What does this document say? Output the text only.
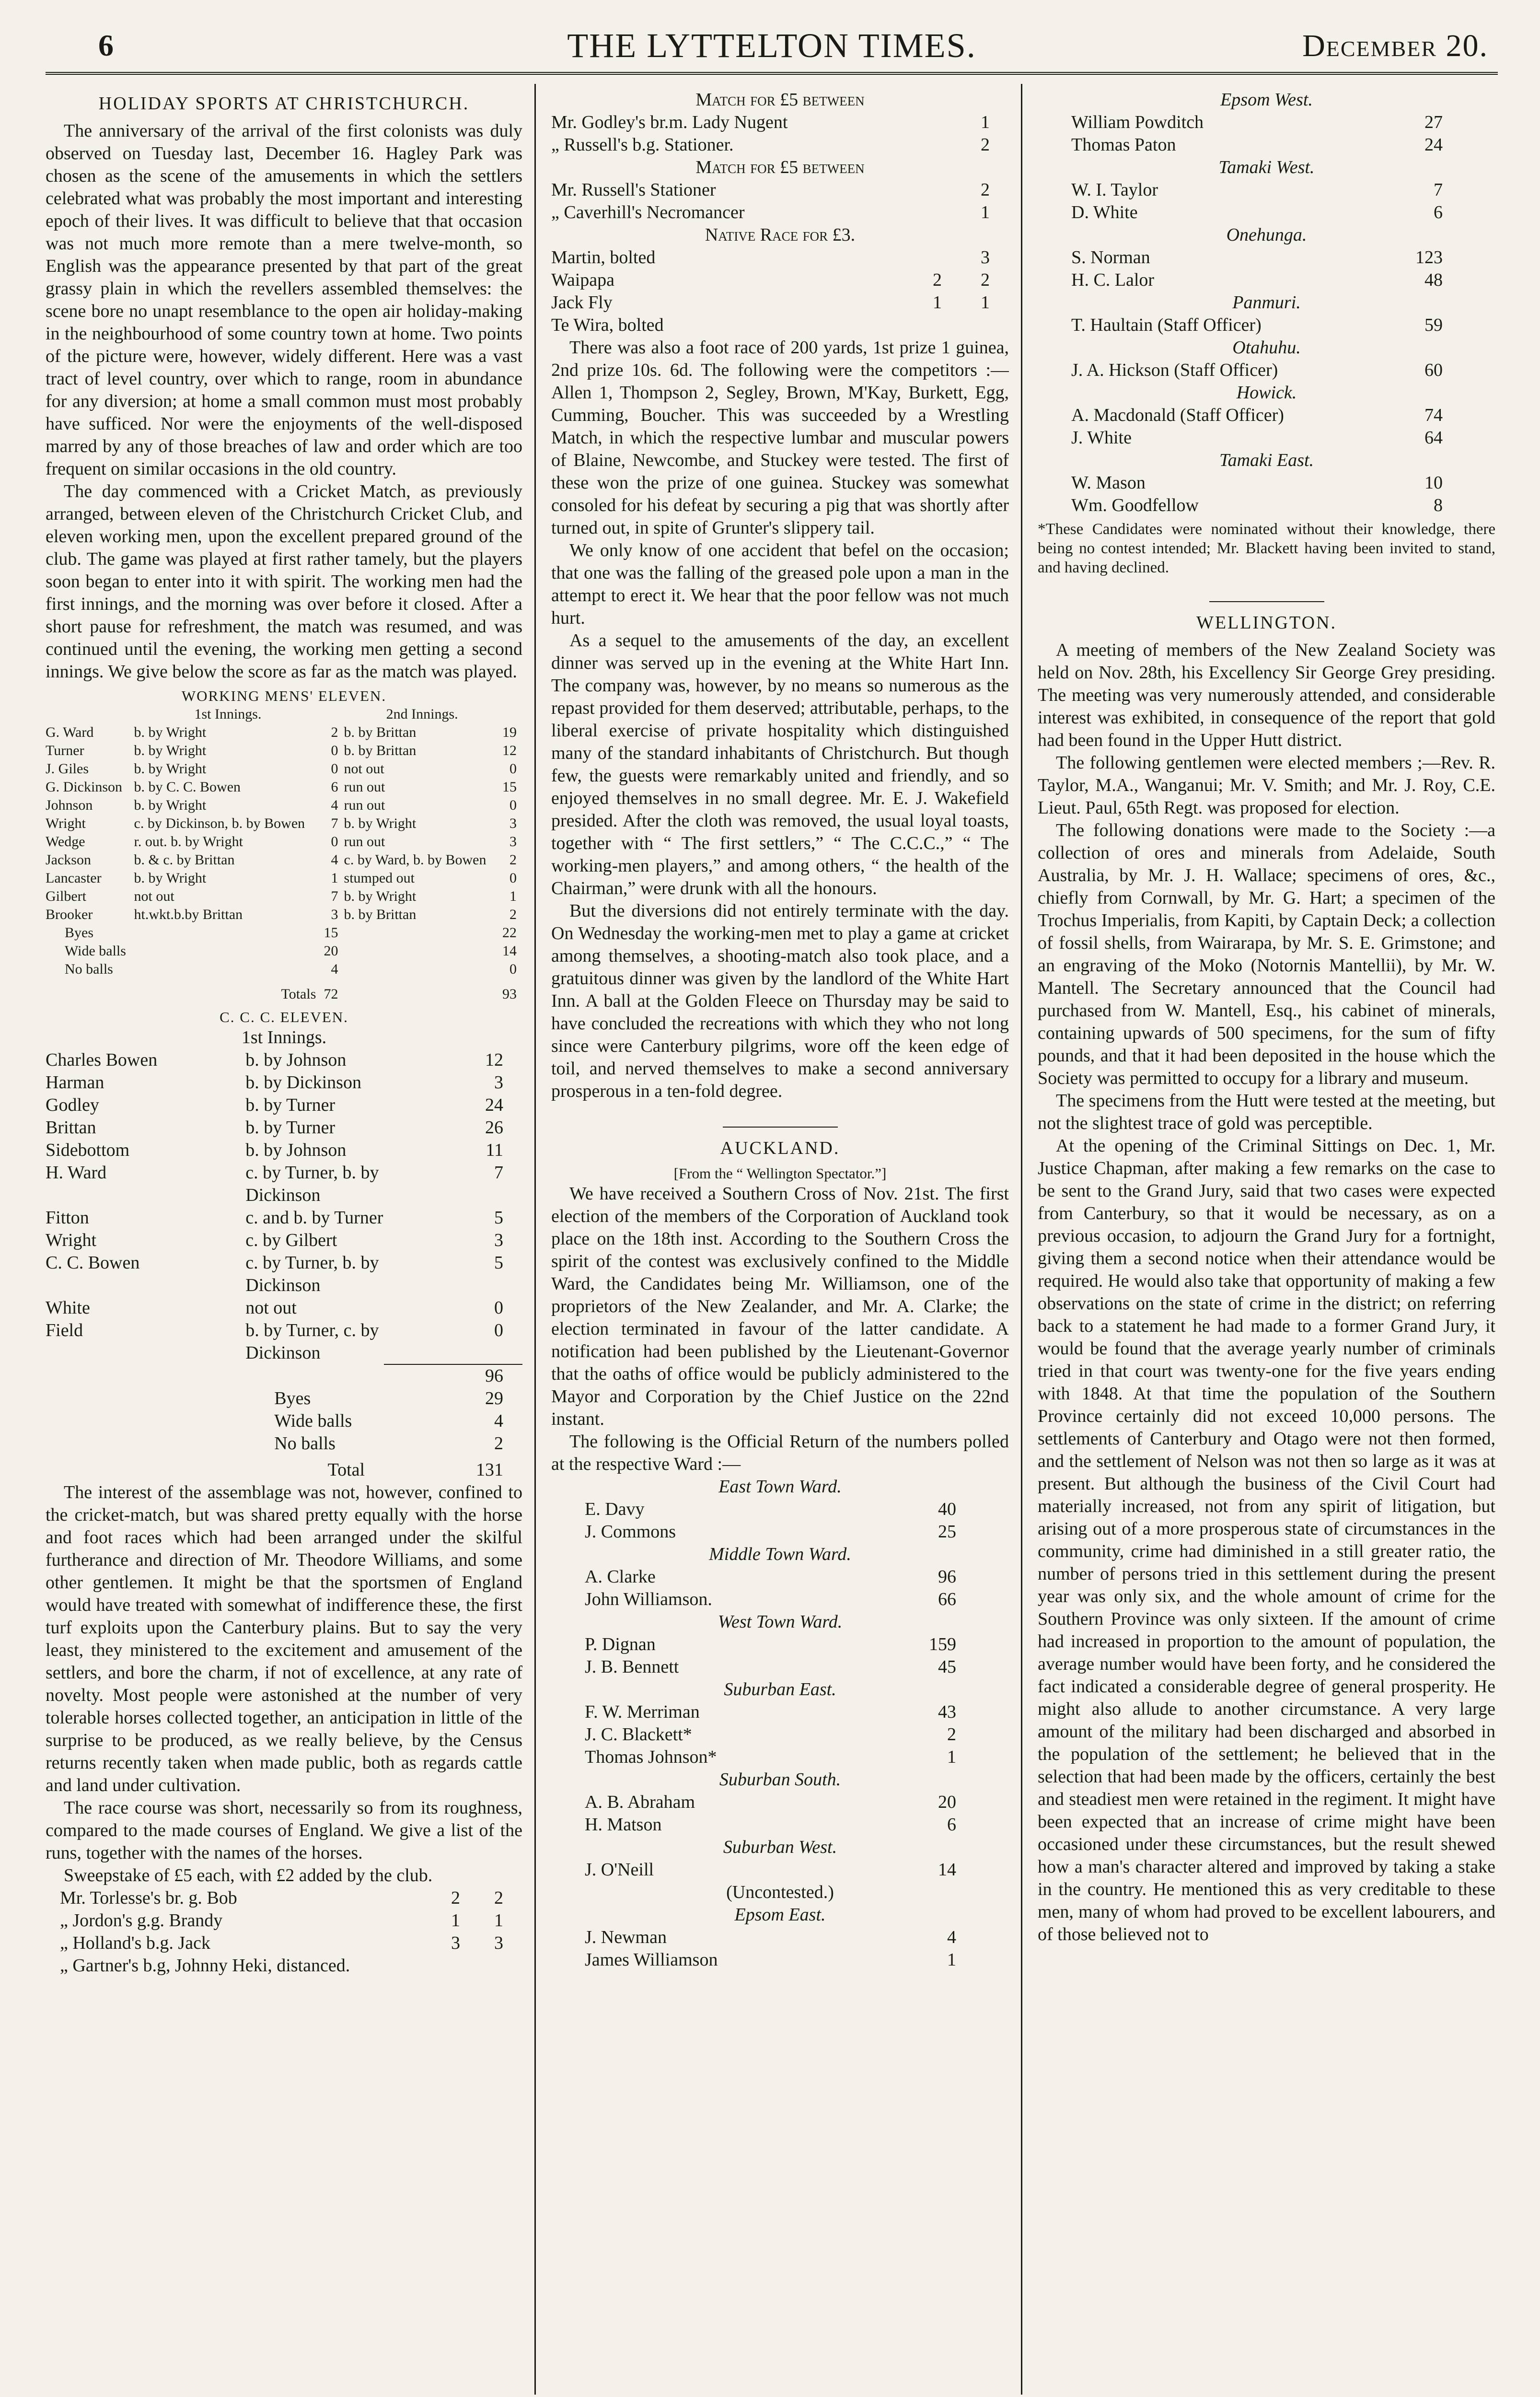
6	THE LYTTELTON TIMES.	December 20.
HOLIDAY SPORTS AT CHRISTCHURCH.

The anniversary of the arrival of the first colonists was duly observed on Tuesday last, December 16. Hagley Park was chosen as the scene of the amusements in which the settlers celebrated what was probably the most important and interesting epoch of their lives. It was difficult to believe that that occasion was not much more remote than a mere twelve-month, so English was the appearance presented by that part of the great grassy plain in which the revellers assembled themselves: the scene bore no unapt resemblance to the open air holiday-making in the neighbourhood of some country town at home. Two points of the picture were, however, widely different. Here was a vast tract of level country, over which to range, room in abundance for any diversion; at home a small common must most probably have sufficed. Nor were the enjoyments of the well-disposed marred by any of those breaches of law and order which are too frequent on similar occasions in the old country.

The day commenced with a Cricket Match, as previously arranged, between eleven of the Christchurch Cricket Club, and eleven working men, upon the excellent prepared ground of the club. The game was played at first rather tamely, but the players soon began to enter into it with spirit. The working men had the first innings, and the morning was over before it closed. After a short pause for refreshment, the match was resumed, and was continued until the evening, the working men getting a second innings. We give below the score as far as the match was played.

WORKING MENS' ELEVEN.
	1st Innings.		2nd Innings.	
G. Ward	b. by Wright	2	b. by Brittan	19
Turner	b. by Wright	0	b. by Brittan	12
J. Giles	b. by Wright	0	not out	0
G. Dickinson	b. by C. C. Bowen	6	run out	15
Johnson	b. by Wright	4	run out	0
Wright	c. by Dickinson, b. by Bowen	7	b. by Wright	3
Wedge	r. out. b. by Wright	0	run out	3
Jackson	b. & c. by Brittan	4	c. by Ward, b. by Bowen	2
Lancaster	b. by Wright	1	stumped out	0
Gilbert	not out	7	b. by Wright	1
Brooker	ht.wkt.b.by Brittan	3	b. by Brittan	2
Byes		15		22
Wide balls		20		14
No balls		4		0
	Totals	72		93
C. C. C. ELEVEN.
1st Innings.
Charles Bowen	b. by Johnson	12
Harman	b. by Dickinson	3
Godley	b. by Turner	24
Brittan	b. by Turner	26
Sidebottom	b. by Johnson	11
H. Ward	c. by Turner, b. by Dickinson	7
Fitton	c. and b. by Turner	5
Wright	c. by Gilbert	3
C. C. Bowen	c. by Turner, b. by Dickinson	5
White	not out	0
Field	b. by Turner, c. by Dickinson	0
		96
	Byes	29
	Wide balls	4
	No balls	2
	Total	131

The interest of the assemblage was not, however, confined to the cricket-match, but was shared pretty equally with the horse and foot races which had been arranged under the skilful furtherance and direction of Mr. Theodore Williams, and some other gentlemen. It might be that the sportsmen of England would have treated with somewhat of indifference these, the first turf exploits upon the Canterbury plains. But to say the very least, they ministered to the excitement and amusement of the settlers, and bore the charm, if not of excellence, at any rate of novelty. Most people were astonished at the number of very tolerable horses collected together, an anticipation in little of the surprise to be produced, as we really believe, by the Census returns recently taken when made public, both as regards cattle and land under cultivation.

The race course was short, necessarily so from its roughness, compared to the made courses of England. We give a list of the runs, together with the names of the horses.

Sweepstake of £5 each, with £2 added by the club.

Mr. Torlesse's br. g. Bob	2	2
„ Jordon's g.g. Brandy	1	1
„ Holland's b.g. Jack	3	3
„ Gartner's b.g, Johnny Heki, distanced.		
Match for £5 between
Mr. Godley's br.m. Lady Nugent	1
„ Russell's b.g. Stationer.	2
Match for £5 between
Mr. Russell's Stationer	2
„ Caverhill's Necromancer	1
Native Race for £3.
Martin, bolted		3
Waipapa	2	2
Jack Fly	1	1
Te Wira, bolted		

There was also a foot race of 200 yards, 1st prize 1 guinea, 2nd prize 10s. 6d. The following were the competitors :—Allen 1, Thompson 2, Segley, Brown, M'Kay, Burkett, Egg, Cumming, Boucher. This was succeeded by a Wrestling Match, in which the respective lumbar and muscular powers of Blaine, Newcombe, and Stuckey were tested. The first of these won the prize of one guinea. Stuckey was somewhat consoled for his defeat by securing a pig that was shortly after turned out, in spite of Grunter's slippery tail.

We only know of one accident that befel on the occasion; that one was the falling of the greased pole upon a man in the attempt to erect it. We hear that the poor fellow was not much hurt.

As a sequel to the amusements of the day, an excellent dinner was served up in the evening at the White Hart Inn. The company was, however, by no means so numerous as the repast provided for them deserved; attributable, perhaps, to the liberal exercise of private hospitality which distinguished many of the standard inhabitants of Christchurch. But though few, the guests were remarkably united and friendly, and so enjoyed themselves in no small degree. Mr. E. J. Wakefield presided. After the cloth was removed, the usual loyal toasts, together with “ The first settlers,” “ The C.C.C.,” “ The working-men players,” and among others, “ the health of the Chairman,” were drunk with all the honours.

But the diversions did not entirely terminate with the day. On Wednesday the working-men met to play a game at cricket among themselves, a shooting-match also took place, and a gratuitous dinner was given by the landlord of the White Hart Inn. A ball at the Golden Fleece on Thursday may be said to have concluded the recreations with which they who not long since were Canterbury pilgrims, wore off the keen edge of toil, and nerved themselves to make a second anniversary prosperous in a ten-fold degree.

AUCKLAND.
[From the “ Wellington Spectator.”]

We have received a Southern Cross of Nov. 21st. The first election of the members of the Corporation of Auckland took place on the 18th inst. According to the Southern Cross the spirit of the contest was exclusively confined to the Middle Ward, the Candidates being Mr. Williamson, one of the proprietors of the New Zealander, and Mr. A. Clarke; the election terminated in favour of the latter candidate. A notification had been published by the Lieutenant-Governor that the oaths of office would be publicly administered to the Mayor and Corporation by the Chief Justice on the 22nd instant.

The following is the Official Return of the numbers polled at the respective Ward :—

East Town Ward.
E. Davy	40
J. Commons	25
Middle Town Ward.
A. Clarke	96
John Williamson.	66
West Town Ward.
P. Dignan	159
J. B. Bennett	45
Suburban East.
F. W. Merriman	43
J. C. Blackett*	2
Thomas Johnson*	1
Suburban South.
A. B. Abraham	20
H. Matson	6
Suburban West.
J. O'Neill	14
(Uncontested.)
Epsom East.
J. Newman	4
James Williamson	1
Epsom West.
William Powditch	27
Thomas Paton	24
Tamaki West.
W. I. Taylor	7
D. White	6
Onehunga.
S. Norman	123
H. C. Lalor	48
Panmuri.
T. Haultain (Staff Officer)	59
Otahuhu.
J. A. Hickson (Staff Officer)	60
Howick.
A. Macdonald (Staff Officer)	74
J. White	64
Tamaki East.
W. Mason	10
Wm. Goodfellow	8
*These Candidates were nominated without their knowledge, there being no contest intended; Mr. Blackett having been invited to stand, and having declined.
WELLINGTON.

A meeting of members of the New Zealand Society was held on Nov. 28th, his Excellency Sir George Grey presiding. The meeting was very numerously attended, and considerable interest was exhibited, in consequence of the report that gold had been found in the Upper Hutt district.

The following gentlemen were elected members ;—Rev. R. Taylor, M.A., Wanganui; Mr. V. Smith; and Mr. J. Roy, C.E. Lieut. Paul, 65th Regt. was proposed for election.

The following donations were made to the Society :—a collection of ores and minerals from Adelaide, South Australia, by Mr. J. H. Wallace; specimens of ores, &c., chiefly from Cornwall, by Mr. G. Hart; a specimen of the Trochus Imperialis, from Kapiti, by Captain Deck; a collection of fossil shells, from Wairarapa, by Mr. S. E. Grimstone; and an engraving of the Moko (Notornis Mantellii), by Mr. W. Mantell. The Secretary announced that the Council had purchased from W. Mantell, Esq., his cabinet of minerals, containing upwards of 500 specimens, for the sum of fifty pounds, and that it had been deposited in the house which the Society was permitted to occupy for a library and museum.

The specimens from the Hutt were tested at the meeting, but not the slightest trace of gold was perceptible.

At the opening of the Criminal Sittings on Dec. 1, Mr. Justice Chapman, after making a few remarks on the case to be sent to the Grand Jury, said that two cases were expected from Canterbury, so that it would be necessary, as on a previous occasion, to adjourn the Grand Jury for a fortnight, giving them a second notice when their attendance would be required. He would also take that opportunity of making a few observations on the state of crime in the district; on referring back to a statement he had made to a former Grand Jury, it would be found that the average yearly number of criminals tried in that court was twenty-one for the five years ending with 1848. At that time the population of the Southern Province certainly did not exceed 10,000 persons. The settlements of Canterbury and Otago were not then formed, and the settlement of Nelson was not then so large as it was at present. But although the business of the Civil Court had materially increased, not from any spirit of litigation, but arising out of a more prosperous state of circumstances in the community, crime had diminished in a still greater ratio, the number of persons tried in this settlement during the present year was only six, and the whole amount of crime for the Southern Province was only sixteen. If the amount of crime had increased in proportion to the amount of population, the average number would have been forty, and he considered the fact indicated a considerable degree of general prosperity. He might also allude to another circumstance. A very large amount of the military had been discharged and absorbed in the population of the settlement; he believed that in the selection that had been made by the officers, certainly the best and steadiest men were retained in the regiment. It might have been expected that an increase of crime might have been occasioned under these circumstances, but the result shewed how a man's character altered and improved by taking a stake in the country. He mentioned this as very creditable to these men, many of whom had proved to be excellent labourers, and of those believed not to
